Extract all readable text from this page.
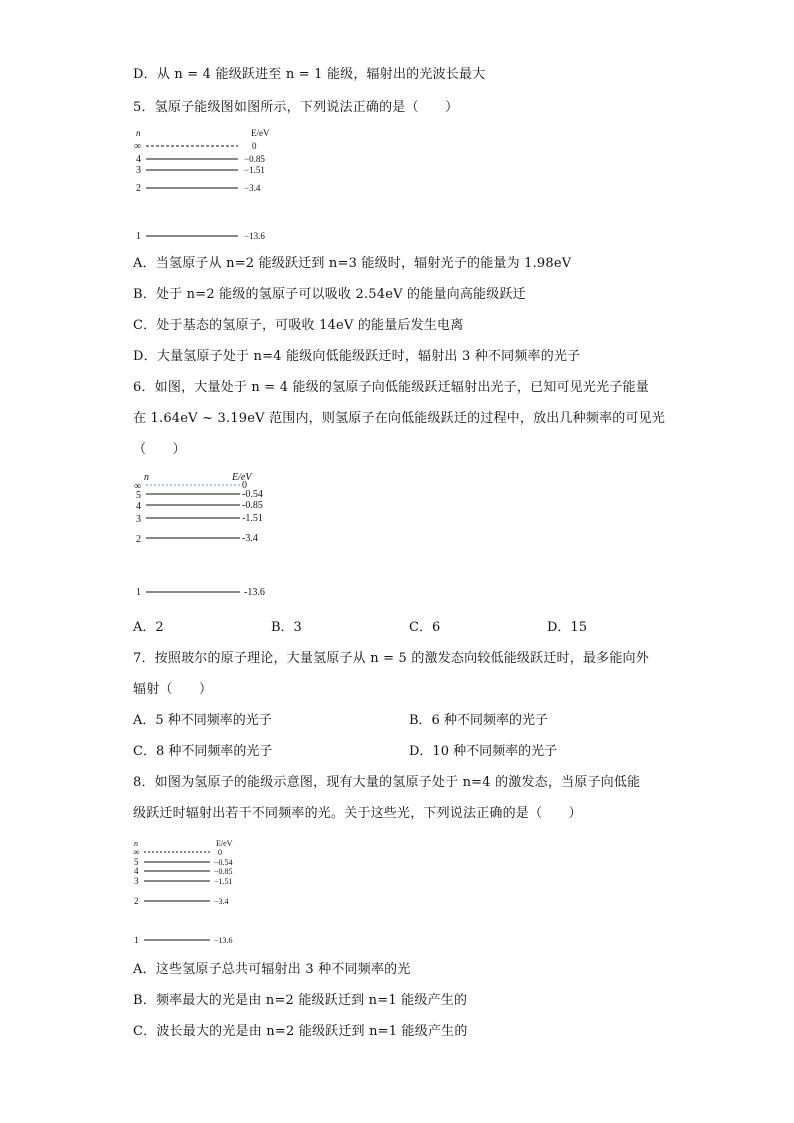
D．从 n = 4 能级跃进至 n = 1 能级，辐射出的光波长最大
5．氢原子能级图如图所示，下列说法正确的是（　　）
n	E/eV
∞	0
4	−0.85
3	−1.51
2	−3.4
1	−13.6
A．当氢原子从 n=2 能级跃迁到 n=3 能级时，辐射光子的能量为 1.98eV
B．处于 n=2 能级的氢原子可以吸收 2.54eV 的能量向高能级跃迁
C．处于基态的氢原子，可吸收 14eV 的能量后发生电离
D．大量氢原子处于 n=4 能级向低能级跃迁时，辐射出 3 种不同频率的光子
6．如图，大量处于 n = 4 能级的氢原子向低能级跃迁辐射出光子，已知可见光光子能量
在 1.64eV ~ 3.19eV 范围内，则氢原子在向低能级跃迁的过程中，放出几种频率的可见光
（　　）
n	E/eV
∞	0
5	-0.54
4	-0.85
3	-1.51
2	-3.4
1	-13.6
A．2	B．3	C．6	D．15
7．按照玻尔的原子理论，大量氢原子从 n = 5 的激发态向较低能级跃迁时，最多能向外
辐射（　　）
A．5 种不同频率的光子	B．6 种不同频率的光子
C．8 种不同频率的光子	D．10 种不同频率的光子
8．如图为氢原子的能级示意图，现有大量的氢原子处于 n=4 的激发态，当原子向低能
级跃迁时辐射出若干不同频率的光。关于这些光，下列说法正确的是（　　）
n	E/eV
∞	0
5	−0.54
4	−0.85
3	−1.51
2	−3.4
1	−13.6
A．这些氢原子总共可辐射出 3 种不同频率的光
B．频率最大的光是由 n=2 能级跃迁到 n=1 能级产生的
C．波长最大的光是由 n=2 能级跃迁到 n=1 能级产生的
